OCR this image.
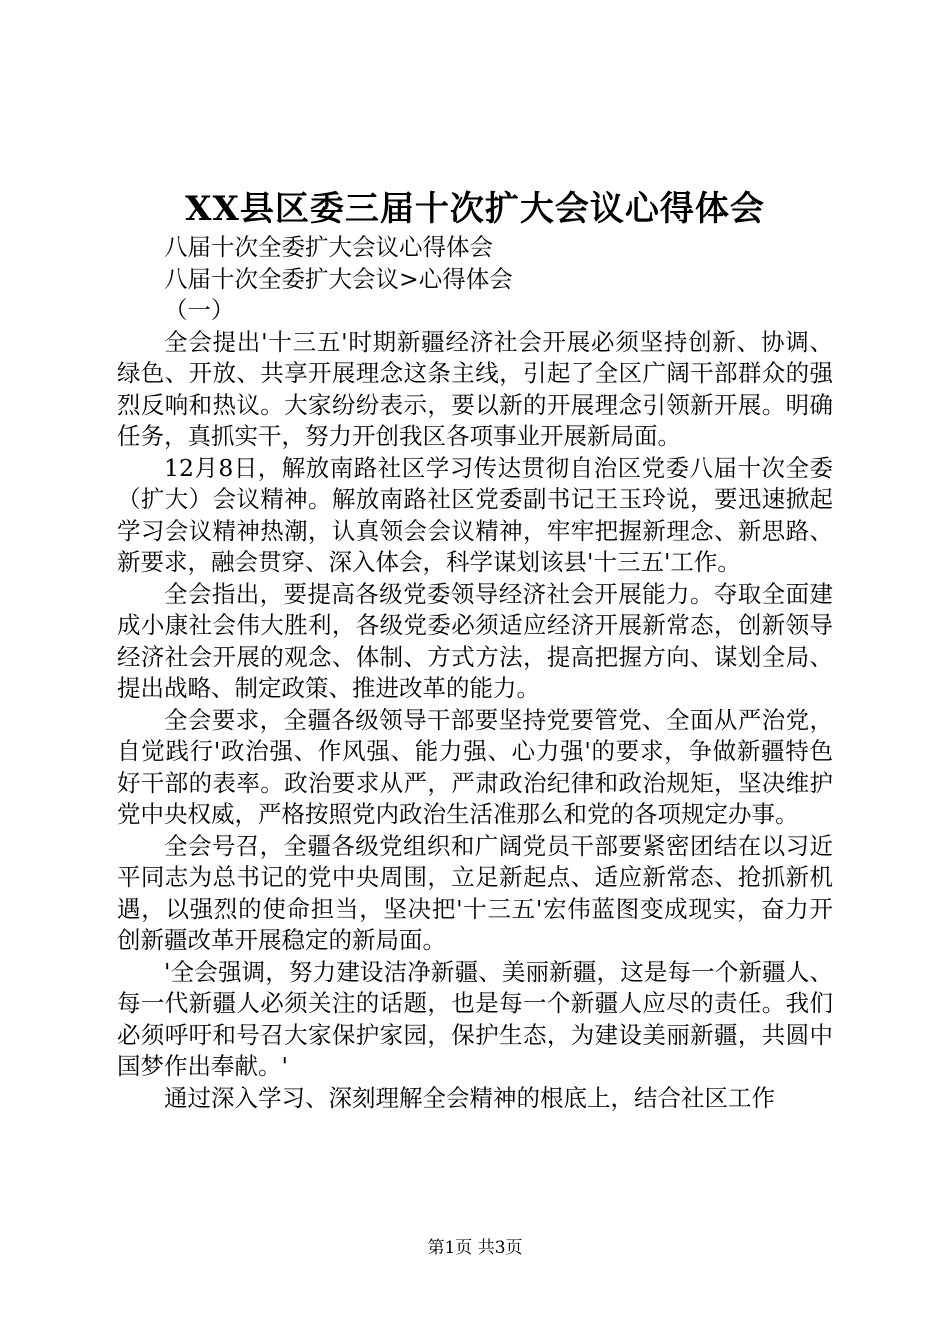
XX县区委三届十次扩大会议心得体会

八届十次全委扩大会议心得体会

八届十次全委扩大会议>心得体会

（一）

全会提出'十三五'时期新疆经济社会开展必须坚持创新、协调、绿色、开放、共享开展理念这条主线，引起了全区广阔干部群众的强烈反响和热议。大家纷纷表示，要以新的开展理念引领新开展。明确任务，真抓实干，努力开创我区各项事业开展新局面。

12月8日，解放南路社区学习传达贯彻自治区党委八届十次全委（扩大）会议精神。解放南路社区党委副书记王玉玲说，要迅速掀起学习会议精神热潮，认真领会会议精神，牢牢把握新理念、新思路、新要求，融会贯穿、深入体会，科学谋划该县'十三五'工作。

全会指出，要提高各级党委领导经济社会开展能力。夺取全面建成小康社会伟大胜利，各级党委必须适应经济开展新常态，创新领导经济社会开展的观念、体制、方式方法，提高把握方向、谋划全局、提出战略、制定政策、推进改革的能力。

全会要求，全疆各级领导干部要坚持党要管党、全面从严治党，自觉践行'政治强、作风强、能力强、心力强'的要求，争做新疆特色好干部的表率。政治要求从严，严肃政治纪律和政治规矩，坚决维护党中央权威，严格按照党内政治生活准那么和党的各项规定办事。

全会号召，全疆各级党组织和广阔党员干部要紧密团结在以习近平同志为总书记的党中央周围，立足新起点、适应新常态、抢抓新机遇，以强烈的使命担当，坚决把'十三五'宏伟蓝图变成现实，奋力开创新疆改革开展稳定的新局面。

'全会强调，努力建设洁净新疆、美丽新疆，这是每一个新疆人、每一代新疆人必须关注的话题，也是每一个新疆人应尽的责任。我们必须呼吁和号召大家保护家园，保护生态，为建设美丽新疆，共圆中国梦作出奉献。'

通过深入学习、深刻理解全会精神的根底上，结合社区工作

第1页 共3页
